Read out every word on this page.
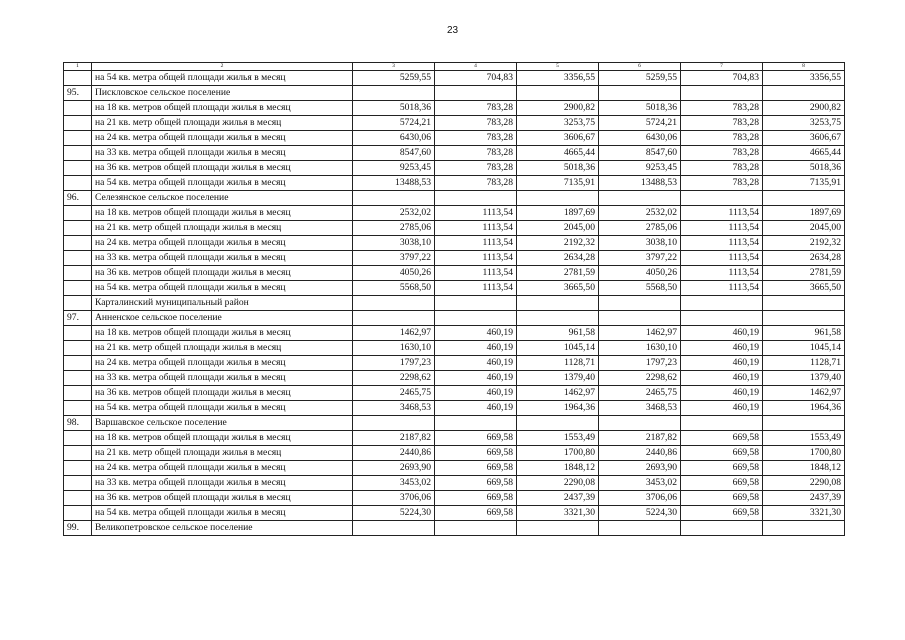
23
1	2	3	4	5	6	7	8
	на 54 кв. метра общей площади жилья в месяц	5259,55	704,83	3356,55	5259,55	704,83	3356,55
95.	Пискловское сельское поселение						
	на 18 кв. метров общей площади жилья в месяц	5018,36	783,28	2900,82	5018,36	783,28	2900,82
	на 21 кв. метр общей площади жилья в месяц	5724,21	783,28	3253,75	5724,21	783,28	3253,75
	на 24 кв. метра общей площади жилья в месяц	6430,06	783,28	3606,67	6430,06	783,28	3606,67
	на 33 кв. метра общей площади жилья в месяц	8547,60	783,28	4665,44	8547,60	783,28	4665,44
	на 36 кв. метров общей площади жилья в месяц	9253,45	783,28	5018,36	9253,45	783,28	5018,36
	на 54 кв. метра общей площади жилья в месяц	13488,53	783,28	7135,91	13488,53	783,28	7135,91
96.	Селезянское сельское поселение						
	на 18 кв. метров общей площади жилья в месяц	2532,02	1113,54	1897,69	2532,02	1113,54	1897,69
	на 21 кв. метр общей площади жилья в месяц	2785,06	1113,54	2045,00	2785,06	1113,54	2045,00
	на 24 кв. метра общей площади жилья в месяц	3038,10	1113,54	2192,32	3038,10	1113,54	2192,32
	на 33 кв. метра общей площади жилья в месяц	3797,22	1113,54	2634,28	3797,22	1113,54	2634,28
	на 36 кв. метров общей площади жилья в месяц	4050,26	1113,54	2781,59	4050,26	1113,54	2781,59
	на 54 кв. метра общей площади жилья в месяц	5568,50	1113,54	3665,50	5568,50	1113,54	3665,50
	Карталинский муниципальный район						
97.	Анненское сельское поселение						
	на 18 кв. метров общей площади жилья в месяц	1462,97	460,19	961,58	1462,97	460,19	961,58
	на 21 кв. метр общей площади жилья в месяц	1630,10	460,19	1045,14	1630,10	460,19	1045,14
	на 24 кв. метра общей площади жилья в месяц	1797,23	460,19	1128,71	1797,23	460,19	1128,71
	на 33 кв. метра общей площади жилья в месяц	2298,62	460,19	1379,40	2298,62	460,19	1379,40
	на 36 кв. метров общей площади жилья в месяц	2465,75	460,19	1462,97	2465,75	460,19	1462,97
	на 54 кв. метра общей площади жилья в месяц	3468,53	460,19	1964,36	3468,53	460,19	1964,36
98.	Варшавское сельское поселение						
	на 18 кв. метров общей площади жилья в месяц	2187,82	669,58	1553,49	2187,82	669,58	1553,49
	на 21 кв. метр общей площади жилья в месяц	2440,86	669,58	1700,80	2440,86	669,58	1700,80
	на 24 кв. метра общей площади жилья в месяц	2693,90	669,58	1848,12	2693,90	669,58	1848,12
	на 33 кв. метра общей площади жилья в месяц	3453,02	669,58	2290,08	3453,02	669,58	2290,08
	на 36 кв. метров общей площади жилья в месяц	3706,06	669,58	2437,39	3706,06	669,58	2437,39
	на 54 кв. метра общей площади жилья в месяц	5224,30	669,58	3321,30	5224,30	669,58	3321,30
99.	Великопетровское сельское поселение						
